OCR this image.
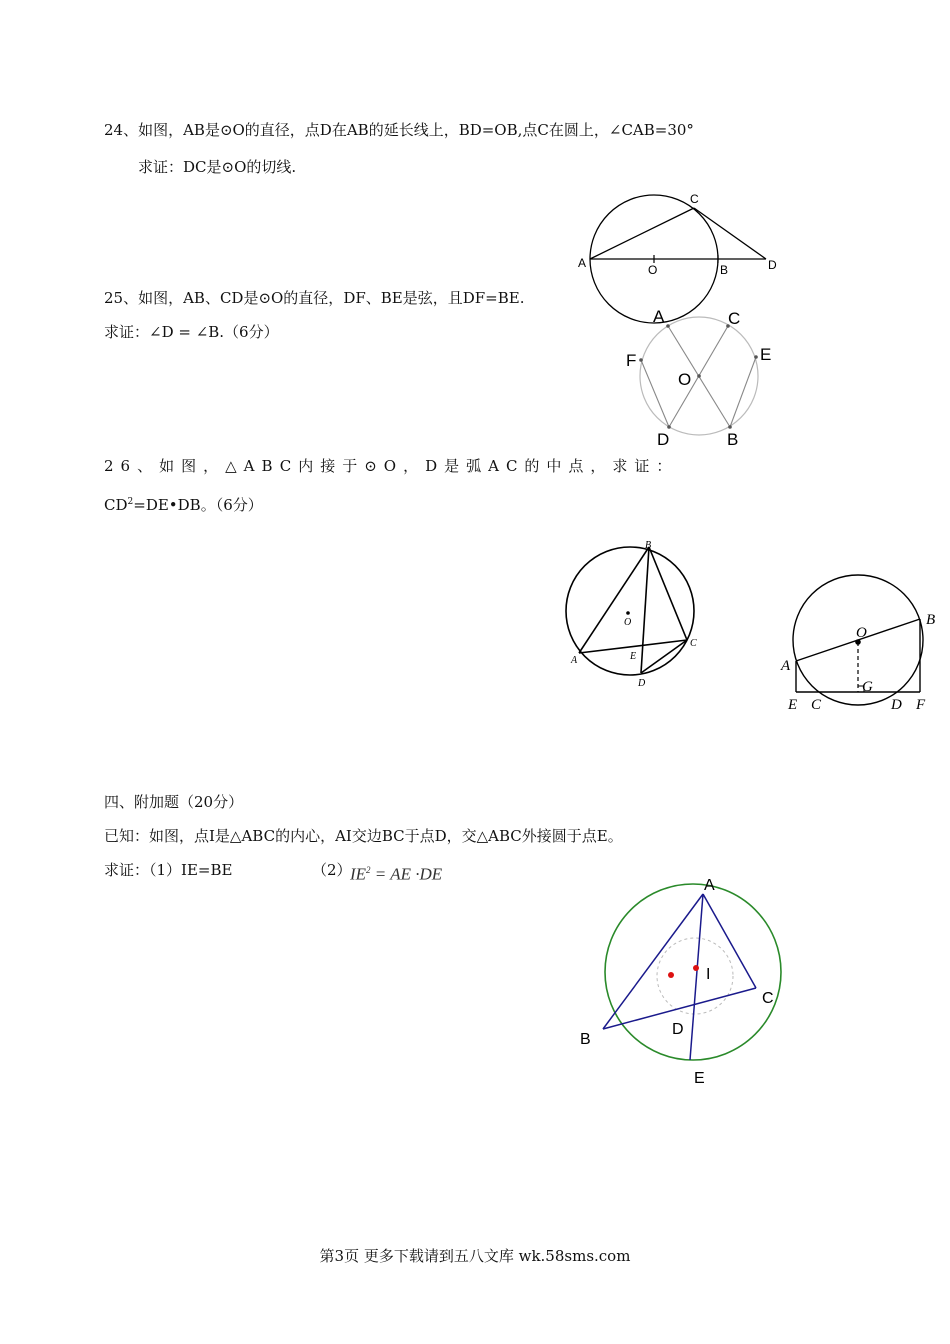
24、如图，AB是⊙O的直径，点D在AB的延长线上，BD=OB,点C在圆上，∠CAB=30°
求证：DC是⊙O的切线.
A	O	B
C
D
25、如图，AB、CD是⊙O的直径，DF、BE是弦，且DF=BE.
求证：∠D = ∠B.（6分）
A	C
F	E
O
D	B
26、如图，△ABC内接于⊙O，D是弧AC的中点，求证：
$CD^2=DE•DB$。（6分）
B
O
A
C
E
D
O
B
A
G
E C	D F
四、附加题（20分）
已知：如图，点I是△ABC的内心，AI交边BC于点D，交△ABC外接圆于点E。
求证：（1）IE=BE	（2）
$IE^2$ = AE ·DE
A
I
C
B
D
E
第3页 更多下载请到五八文库 wk.58sms.com
